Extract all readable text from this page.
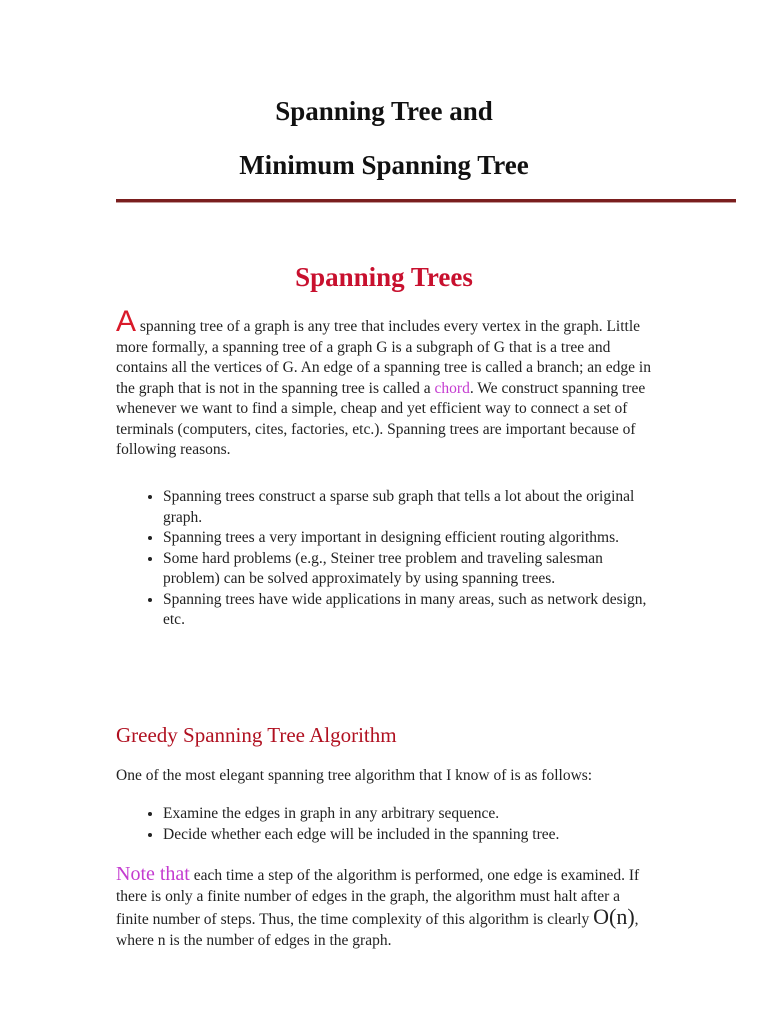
Spanning Tree and
Minimum Spanning Tree
Spanning Trees

A spanning tree of a graph is any tree that includes every vertex in the graph. Little more formally, a spanning tree of a graph G is a subgraph of G that is a tree and contains all the vertices of G. An edge of a spanning tree is called a branch; an edge in the graph that is not in the spanning tree is called a chord. We construct spanning tree whenever we want to find a simple, cheap and yet efficient way to connect a set of terminals (computers, cites, factories, etc.). Spanning trees are important because of following reasons.

• Spanning trees construct a sparse sub graph that tells a lot about the original graph.
• Spanning trees a very important in designing efficient routing algorithms.
• Some hard problems (e.g., Steiner tree problem and traveling salesman problem) can be solved approximately by using spanning trees.
• Spanning trees have wide applications in many areas, such as network design, etc.
Greedy Spanning Tree Algorithm

One of the most elegant spanning tree algorithm that I know of is as follows:

• Examine the edges in graph in any arbitrary sequence.
• Decide whether each edge will be included in the spanning tree.

Note that each time a step of the algorithm is performed, one edge is examined. If there is only a finite number of edges in the graph, the algorithm must halt after a finite number of steps. Thus, the time complexity of this algorithm is clearly O(n), where n is the number of edges in the graph.
